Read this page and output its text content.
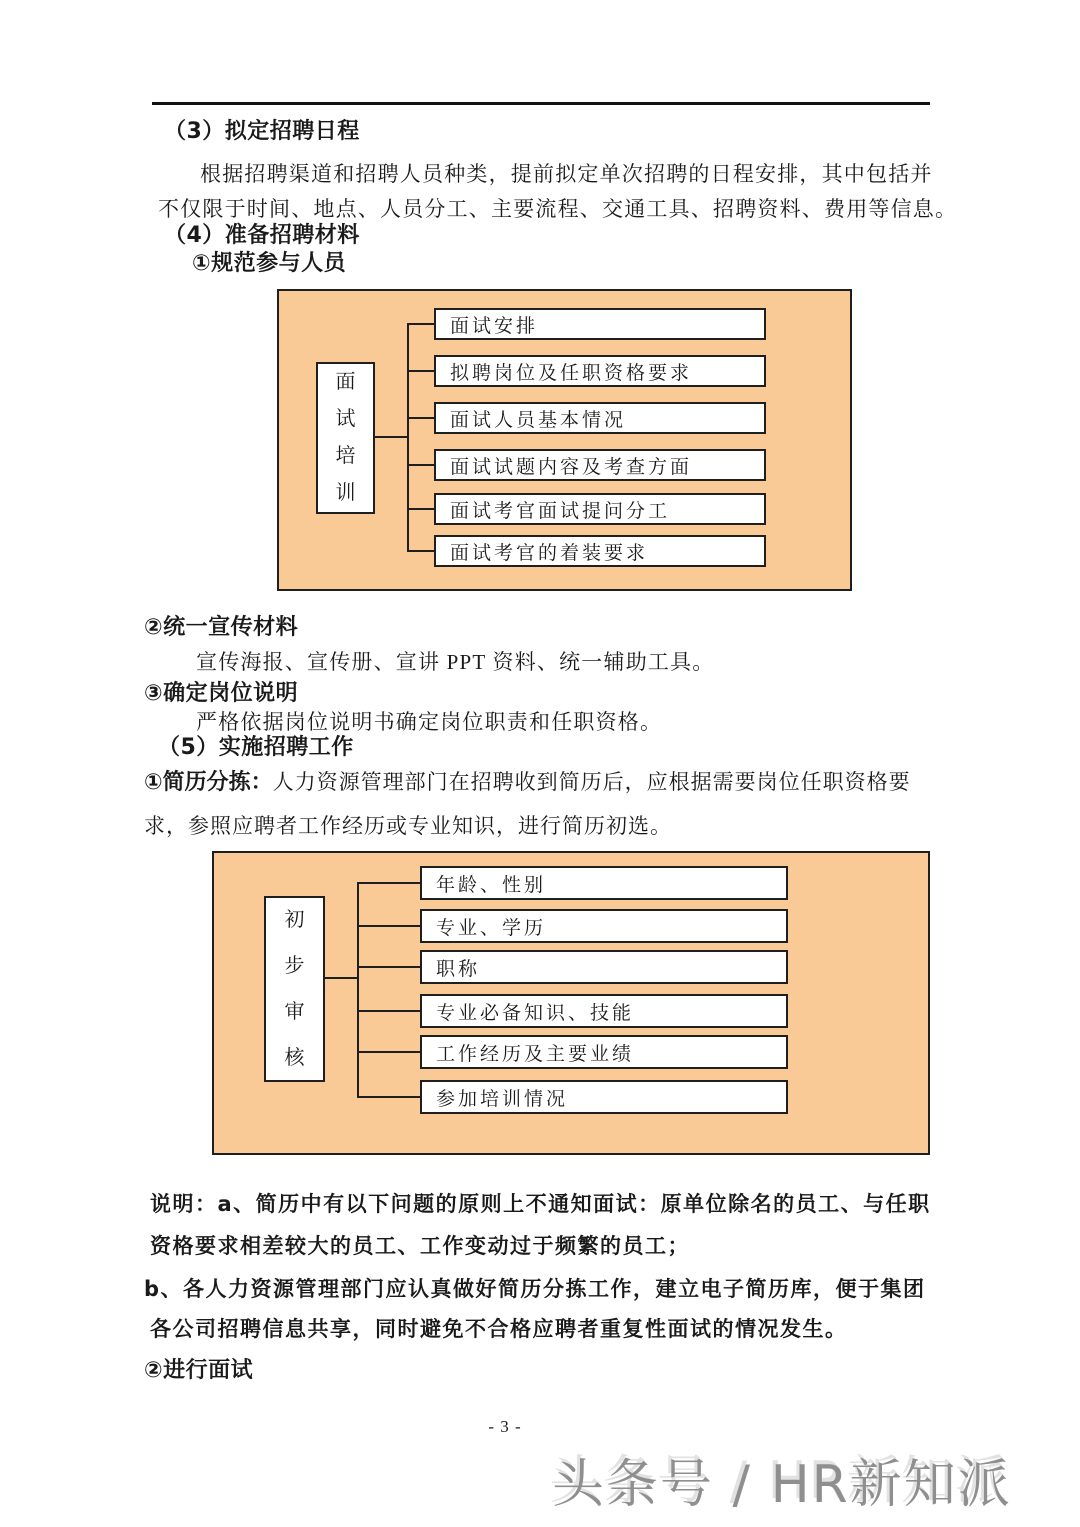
（3）拟定招聘日程
根据招聘渠道和招聘人员种类，提前拟定单次招聘的日程安排，其中包括并
不仅限于时间、地点、人员分工、主要流程、交通工具、招聘资料、费用等信息。
（4）准备招聘材料
①规范参与人员
面试培训
面试安排
拟聘岗位及任职资格要求
面试人员基本情况
面试试题内容及考查方面
面试考官面试提问分工
面试考官的着装要求
②统一宣传材料
宣传海报、宣传册、宣讲 PPT 资料、统一辅助工具。
③确定岗位说明
严格依据岗位说明书确定岗位职责和任职资格。
（5）实施招聘工作
①简历分拣：人力资源管理部门在招聘收到简历后，应根据需要岗位任职资格要
求，参照应聘者工作经历或专业知识，进行简历初选。
初步审核
年龄、性别
专业、学历
职称
专业必备知识、技能
工作经历及主要业绩
参加培训情况
说明：a、简历中有以下问题的原则上不通知面试：原单位除名的员工、与任职
资格要求相差较大的员工、工作变动过于频繁的员工；
b、各人力资源管理部门应认真做好简历分拣工作，建立电子简历库，便于集团
各公司招聘信息共享，同时避免不合格应聘者重复性面试的情况发生。
②进行面试
- 3 -
头条号 / HR新知派
